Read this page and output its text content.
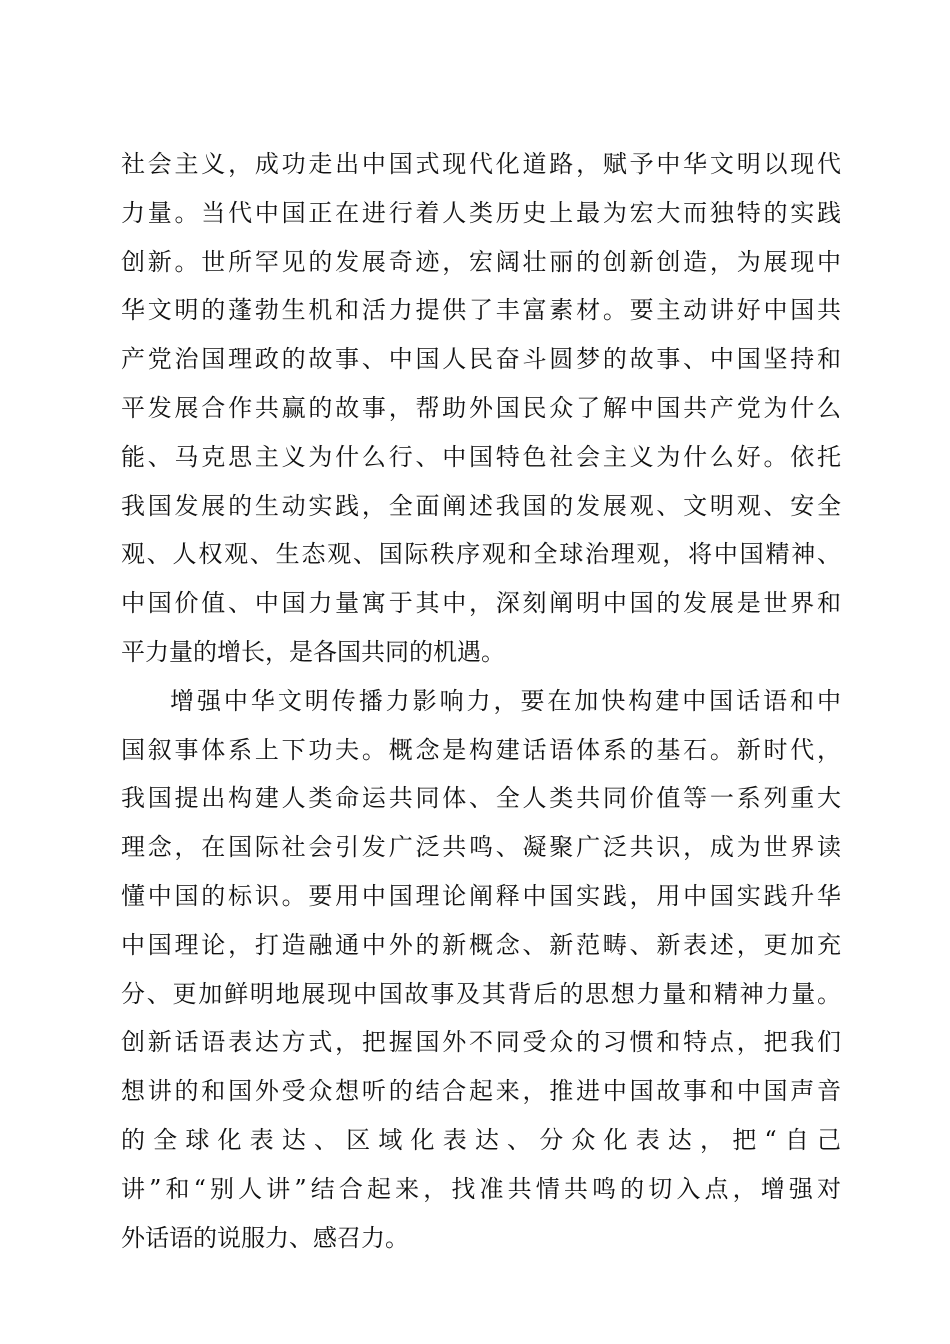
社会主义，成功走出中国式现代化道路，赋予中华文明以现代
力量。当代中国正在进行着人类历史上最为宏大而独特的实践
创新。世所罕见的发展奇迹，宏阔壮丽的创新创造，为展现中
华文明的蓬勃生机和活力提供了丰富素材。要主动讲好中国共
产党治国理政的故事、中国人民奋斗圆梦的故事、中国坚持和
平发展合作共赢的故事，帮助外国民众了解中国共产党为什么
能、马克思主义为什么行、中国特色社会主义为什么好。依托
我国发展的生动实践，全面阐述我国的发展观、文明观、安全
观、人权观、生态观、国际秩序观和全球治理观，将中国精神、
中国价值、中国力量寓于其中，深刻阐明中国的发展是世界和
平力量的增长，是各国共同的机遇。
增强中华文明传播力影响力，要在加快构建中国话语和中
国叙事体系上下功夫。概念是构建话语体系的基石。新时代，
我国提出构建人类命运共同体、全人类共同价值等一系列重大
理念，在国际社会引发广泛共鸣、凝聚广泛共识，成为世界读
懂中国的标识。要用中国理论阐释中国实践，用中国实践升华
中国理论，打造融通中外的新概念、新范畴、新表述，更加充
分、更加鲜明地展现中国故事及其背后的思想力量和精神力量。
创新话语表达方式，把握国外不同受众的习惯和特点，把我们
想讲的和国外受众想听的结合起来，推进中国故事和中国声音
的全球化表达、区域化表达、分众化表达，把“自己
讲”和“别人讲”结合起来，找准共情共鸣的切入点，增强对
外话语的说服力、感召力。
